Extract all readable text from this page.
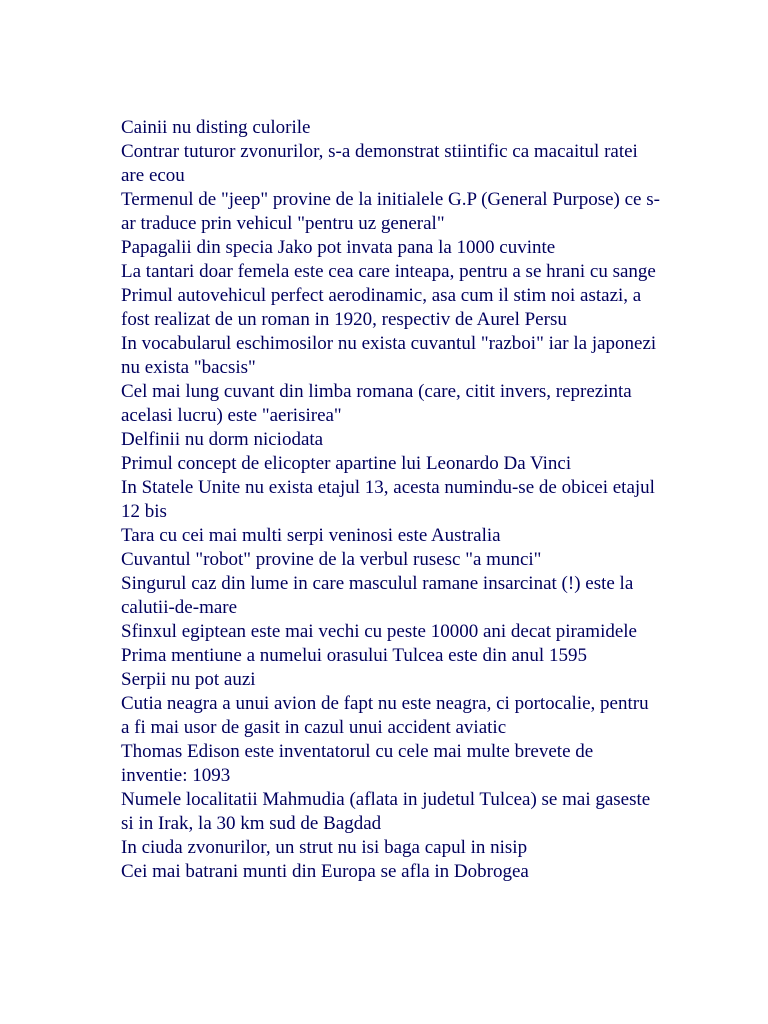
Cainii nu disting culorile
Contrar tuturor zvonurilor, s-a demonstrat stiintific ca macaitul ratei are ecou
Termenul de "jeep" provine de la initialele G.P (General Purpose) ce s-ar traduce prin vehicul "pentru uz general"
Papagalii din specia Jako pot invata pana la 1000 cuvinte
La tantari doar femela este cea care inteapa, pentru a se hrani cu sange
Primul autovehicul perfect aerodinamic, asa cum il stim noi astazi, a fost realizat de un roman in 1920, respectiv de Aurel Persu
In vocabularul eschimosilor nu exista cuvantul "razboi" iar la japonezi nu exista "bacsis"
Cel mai lung cuvant din limba romana (care, citit invers, reprezinta acelasi lucru) este "aerisirea"
Delfinii nu dorm niciodata
Primul concept de elicopter apartine lui Leonardo Da Vinci
In Statele Unite nu exista etajul 13, acesta numindu-se de obicei etajul 12 bis
Tara cu cei mai multi serpi veninosi este Australia
Cuvantul "robot" provine de la verbul rusesc "a munci"
Singurul caz din lume in care masculul ramane insarcinat (!) este la calutii-de-mare
Sfinxul egiptean este mai vechi cu peste 10000 ani decat piramidele
Prima mentiune a numelui orasului Tulcea este din anul 1595
Serpii nu pot auzi
Cutia neagra a unui avion de fapt nu este neagra, ci portocalie, pentru a fi mai usor de gasit in cazul unui accident aviatic
Thomas Edison este inventatorul cu cele mai multe brevete de inventie: 1093
Numele localitatii Mahmudia (aflata in judetul Tulcea) se mai gaseste si in Irak, la 30 km sud de Bagdad
In ciuda zvonurilor, un strut nu isi baga capul in nisip
Cei mai batrani munti din Europa se afla in Dobrogea
